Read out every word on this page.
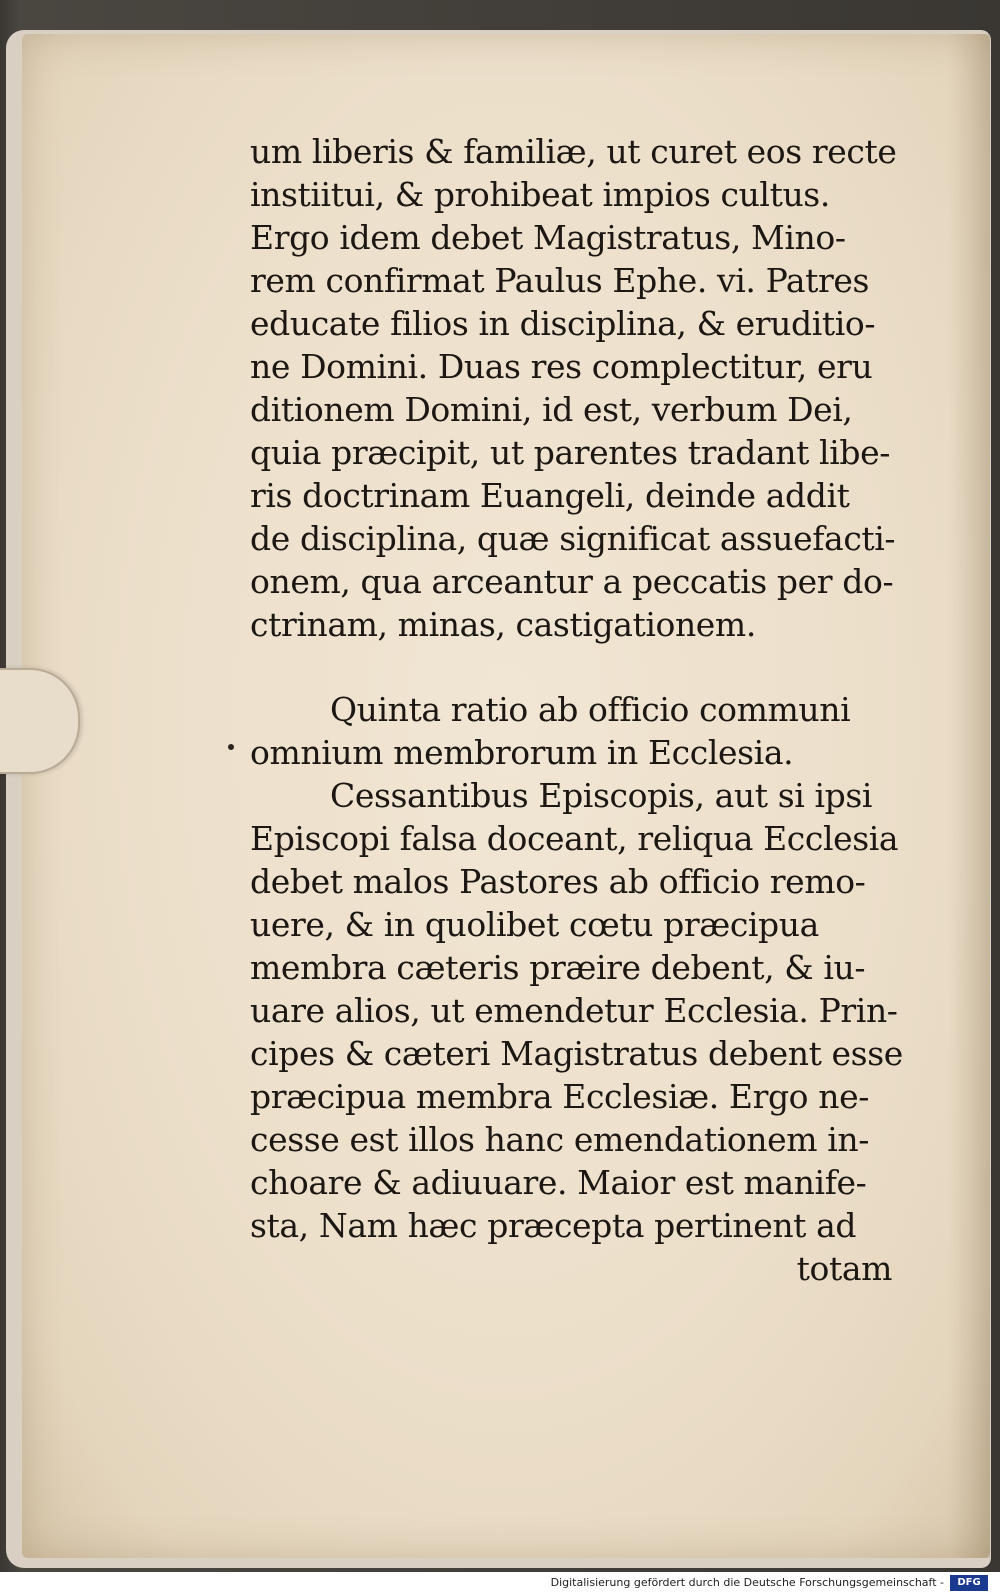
um liberis & familiæ, ut curet eos recte
instiitui, & prohibeat impios cultus.
Ergo idem debet Magistratus, Mino-
rem confirmat Paulus Ephe. vi. Patres
educate filios in disciplina, & eruditio-
ne Domini. Duas res complectitur, eru
ditionem Domini, id est, verbum Dei,
quia præcipit, ut parentes tradant libe-
ris doctrinam Euangeli, deinde addit
de disciplina, quæ significat assuefacti-
onem, qua arceantur a peccatis per do-
ctrinam, minas, castigationem.
Quinta ratio ab officio communi
omnium membrorum in Ecclesia.
Cessantibus Episcopis, aut si ipsi
Episcopi falsa doceant, reliqua Ecclesia
debet malos Pastores ab officio remo-
uere, & in quolibet cœtu præcipua
membra cæteris præire debent, & iu-
uare alios, ut emendetur Ecclesia. Prin-
cipes & cæteri Magistratus debent esse
præcipua membra Ecclesiæ. Ergo ne-
cesse est illos hanc emendationem in-
choare & adiuuare. Maior est manife-
sta, Nam hæc præcepta pertinent ad
totam
Digitalisierung gefördert durch die Deutsche Forschungsgemeinschaft -	DFG
